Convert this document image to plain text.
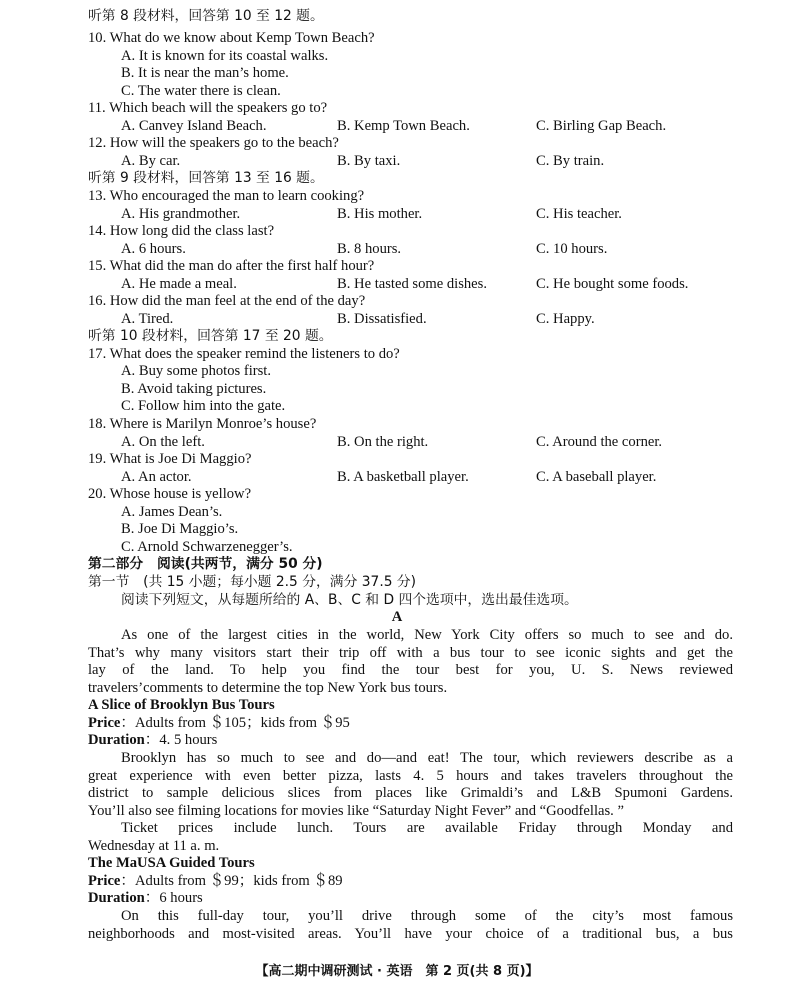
听第 8 段材料，回答第 10 至 12 题。
10. What do we know about Kemp Town Beach?
A. It is known for its coastal walks.
B. It is near the man’s home.
C. The water there is clean.
11. Which beach will the speakers go to?
A. Canvey Island Beach.	B. Kemp Town Beach.	C. Birling Gap Beach.
12. How will the speakers go to the beach?
A. By car.	B. By taxi.	C. By train.
听第 9 段材料，回答第 13 至 16 题。
13. Who encouraged the man to learn cooking?
A. His grandmother.	B. His mother.	C. His teacher.
14. How long did the class last?
A. 6 hours.	B. 8 hours.	C. 10 hours.
15. What did the man do after the first half hour?
A. He made a meal.	B. He tasted some dishes.	C. He bought some foods.
16. How did the man feel at the end of the day?
A. Tired.	B. Dissatisfied.	C. Happy.
听第 10 段材料，回答第 17 至 20 题。
17. What does the speaker remind the listeners to do?
A. Buy some photos first.
B. Avoid taking pictures.
C. Follow him into the gate.
18. Where is Marilyn Monroe’s house?
A. On the left.	B. On the right.	C. Around the corner.
19. What is Joe Di Maggio?
A. An actor.	B. A basketball player.	C. A baseball player.
20. Whose house is yellow?
A. James Dean’s.
B. Joe Di Maggio’s.
C. Arnold Schwarzenegger’s.
第二部分　阅读(共两节，满分 50 分)
第一节　(共 15 小题；每小题 2.5 分，满分 37.5 分)
阅读下列短文，从每题所给的 A、B、C 和 D 四个选项中，选出最佳选项。
A
As one of the largest cities in the world, New York City offers so much to see and do.
That’s why many visitors start their trip off with a bus tour to see iconic sights and get the
lay of the land. To help you find the tour best for you, U. S. News reviewed
travelers’comments to determine the top New York bus tours.
A Slice of Brooklyn Bus Tours
Price：Adults from ＄105；kids from ＄95
Duration：4. 5 hours
Brooklyn has so much to see and do—and eat! The tour, which reviewers describe as a
great experience with even better pizza, lasts 4. 5 hours and takes travelers throughout the
district to sample delicious slices from places like Grimaldi’s and L&B Spumoni Gardens.
You’ll also see filming locations for movies like “Saturday Night Fever” and “Goodfellas. ”
Ticket prices include lunch. Tours are available Friday through Monday and
Wednesday at 11 a. m.
The MaUSA Guided Tours
Price：Adults from ＄99；kids from ＄89
Duration：6 hours
On this full-day tour, you’ll drive through some of the city’s most famous
neighborhoods and most-visited areas. You’ll have your choice of a traditional bus, a bus
【高二期中调研测试 · 英语　第 2 页(共 8 页)】
